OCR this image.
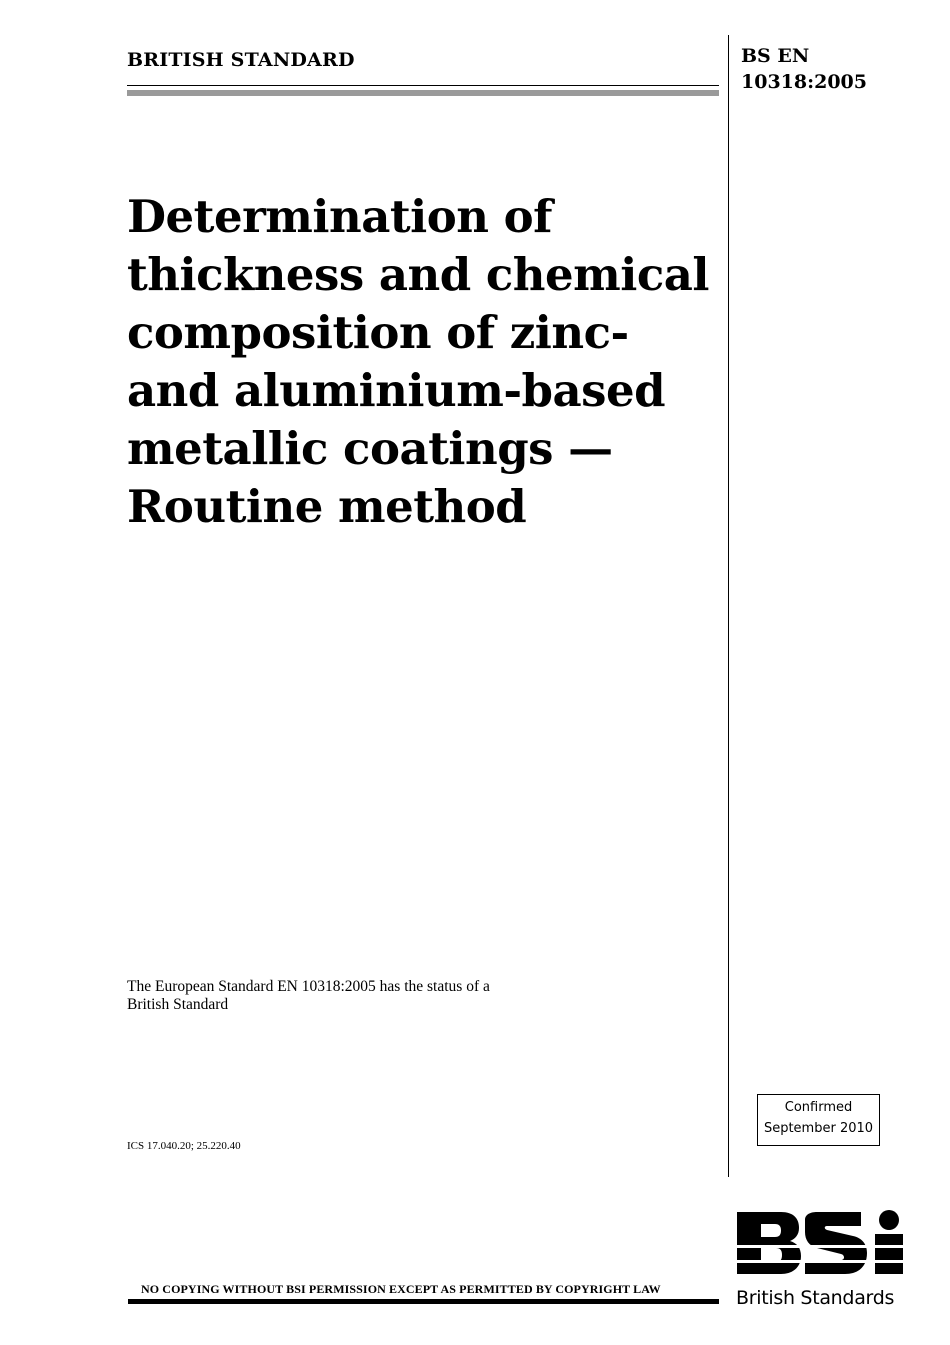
BRITISH STANDARD	BS EN
10318:2005
Determination of
thickness and chemical
composition of zinc-
and aluminium-based
metallic coatings —
Routine method
The European Standard EN 10318:2005 has the status of a
British Standard
ICS 17.040.20; 25.220.40
Confirmed
September 2010
NO COPYING WITHOUT BSI PERMISSION EXCEPT AS PERMITTED BY COPYRIGHT LAW	British Standards
